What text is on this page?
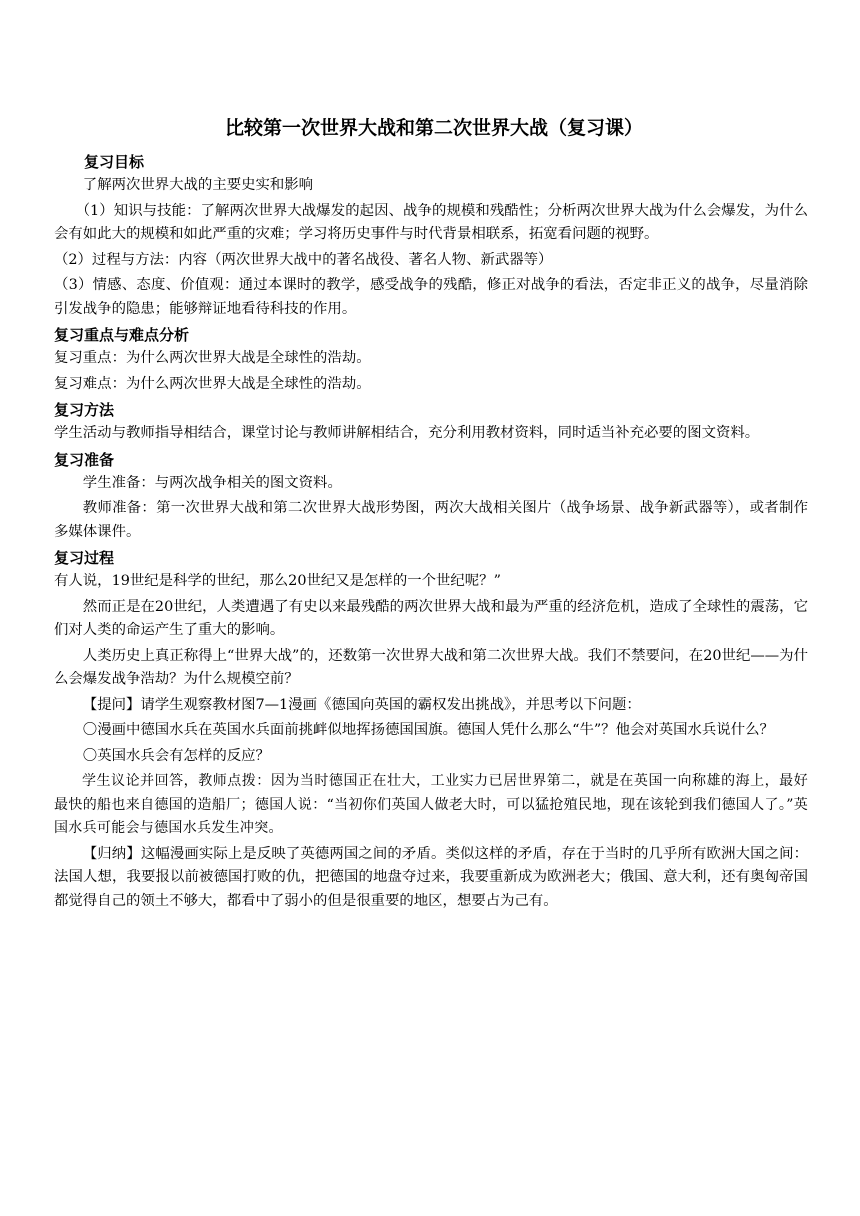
比较第一次世界大战和第二次世界大战（复习课）
复习目标
了解两次世界大战的主要史实和影响
（1）知识与技能：了解两次世界大战爆发的起因、战争的规模和残酷性；分析两次世界大战为什么会爆发，为什么会有如此大的规模和如此严重的灾难；学习将历史事件与时代背景相联系，拓宽看问题的视野。
（2）过程与方法：内容（两次世界大战中的著名战役、著名人物、新武器等）
（3）情感、态度、价值观：通过本课时的教学，感受战争的残酷，修正对战争的看法，否定非正义的战争，尽量消除引发战争的隐患；能够辩证地看待科技的作用。
复习重点与难点分析
复习重点：为什么两次世界大战是全球性的浩劫。
复习难点：为什么两次世界大战是全球性的浩劫。
复习方法
学生活动与教师指导相结合，课堂讨论与教师讲解相结合，充分利用教材资料，同时适当补充必要的图文资料。
复习准备
学生准备：与两次战争相关的图文资料。
教师准备：第一次世界大战和第二次世界大战形势图，两次大战相关图片（战争场景、战争新武器等），或者制作多媒体课件。
复习过程
有人说，19世纪是科学的世纪，那么20世纪又是怎样的一个世纪呢？”
然而正是在20世纪，人类遭遇了有史以来最残酷的两次世界大战和最为严重的经济危机，造成了全球性的震荡，它们对人类的命运产生了重大的影响。
人类历史上真正称得上“世界大战”的，还数第一次世界大战和第二次世界大战。我们不禁要问，在20世纪——为什么会爆发战争浩劫？为什么规模空前？
【提问】请学生观察教材图7—1漫画《德国向英国的霸权发出挑战》，并思考以下问题：
〇漫画中德国水兵在英国水兵面前挑衅似地挥扬德国国旗。德国人凭什么那么“牛”？他会对英国水兵说什么？
〇英国水兵会有怎样的反应？
学生议论并回答，教师点拨：因为当时德国正在壮大，工业实力已居世界第二，就是在英国一向称雄的海上，最好最快的船也来自德国的造船厂；德国人说：“当初你们英国人做老大时，可以猛抢殖民地，现在该轮到我们德国人了。”英国水兵可能会与德国水兵发生冲突。
【归纳】这幅漫画实际上是反映了英德两国之间的矛盾。类似这样的矛盾，存在于当时的几乎所有欧洲大国之间：法国人想，我要报以前被德国打败的仇，把德国的地盘夺过来，我要重新成为欧洲老大；俄国、意大利，还有奥匈帝国都觉得自己的领土不够大，都看中了弱小的但是很重要的地区，想要占为己有。
